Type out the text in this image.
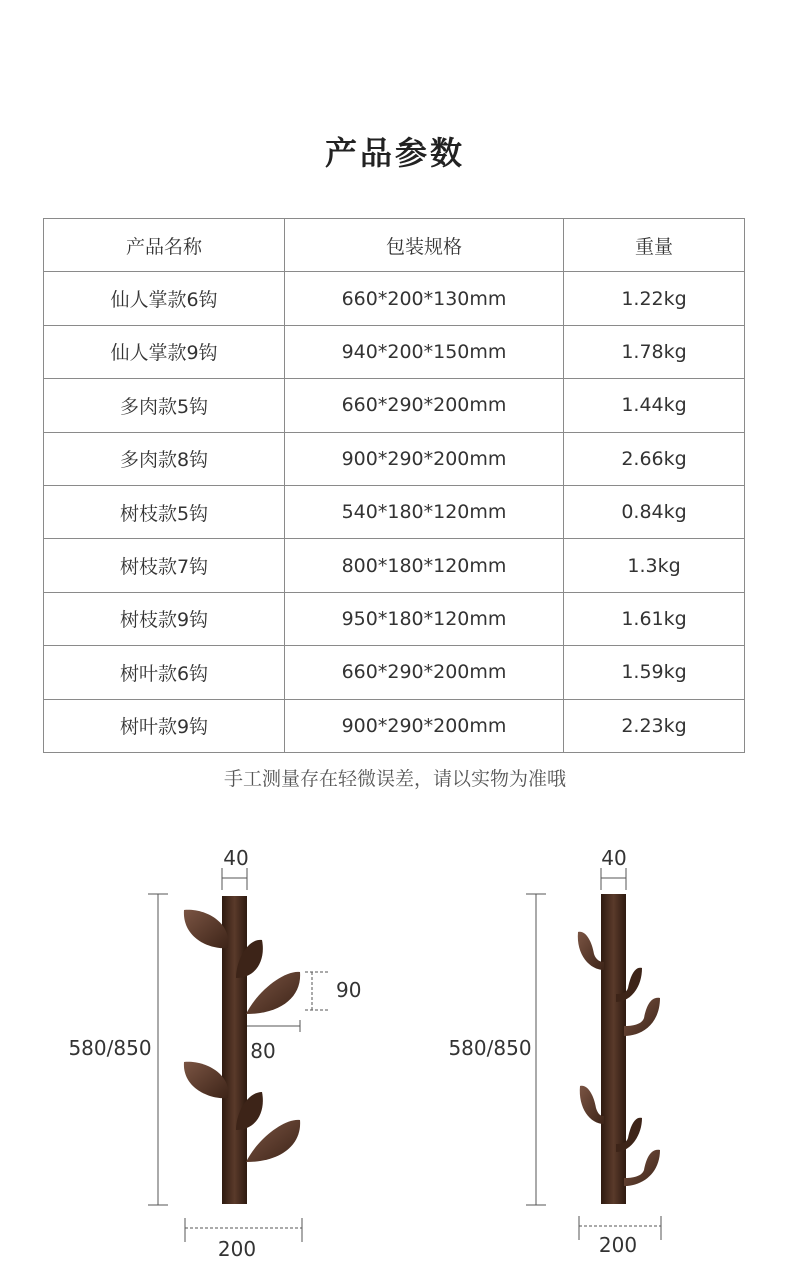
产品参数
产品名称	包装规格	重量
仙人掌款6钩	660*200*130mm	1.22kg
仙人掌款9钩	940*200*150mm	1.78kg
多肉款5钩	660*290*200mm	1.44kg
多肉款8钩	900*290*200mm	2.66kg
树枝款5钩	540*180*120mm	0.84kg
树枝款7钩	800*180*120mm	1.3kg
树枝款9钩	950*180*120mm	1.61kg
树叶款6钩	660*290*200mm	1.59kg
树叶款9钩	900*290*200mm	2.23kg
手工测量存在轻微误差，请以实物为准哦
40
580/850
90
80
200
40
580/850
200
